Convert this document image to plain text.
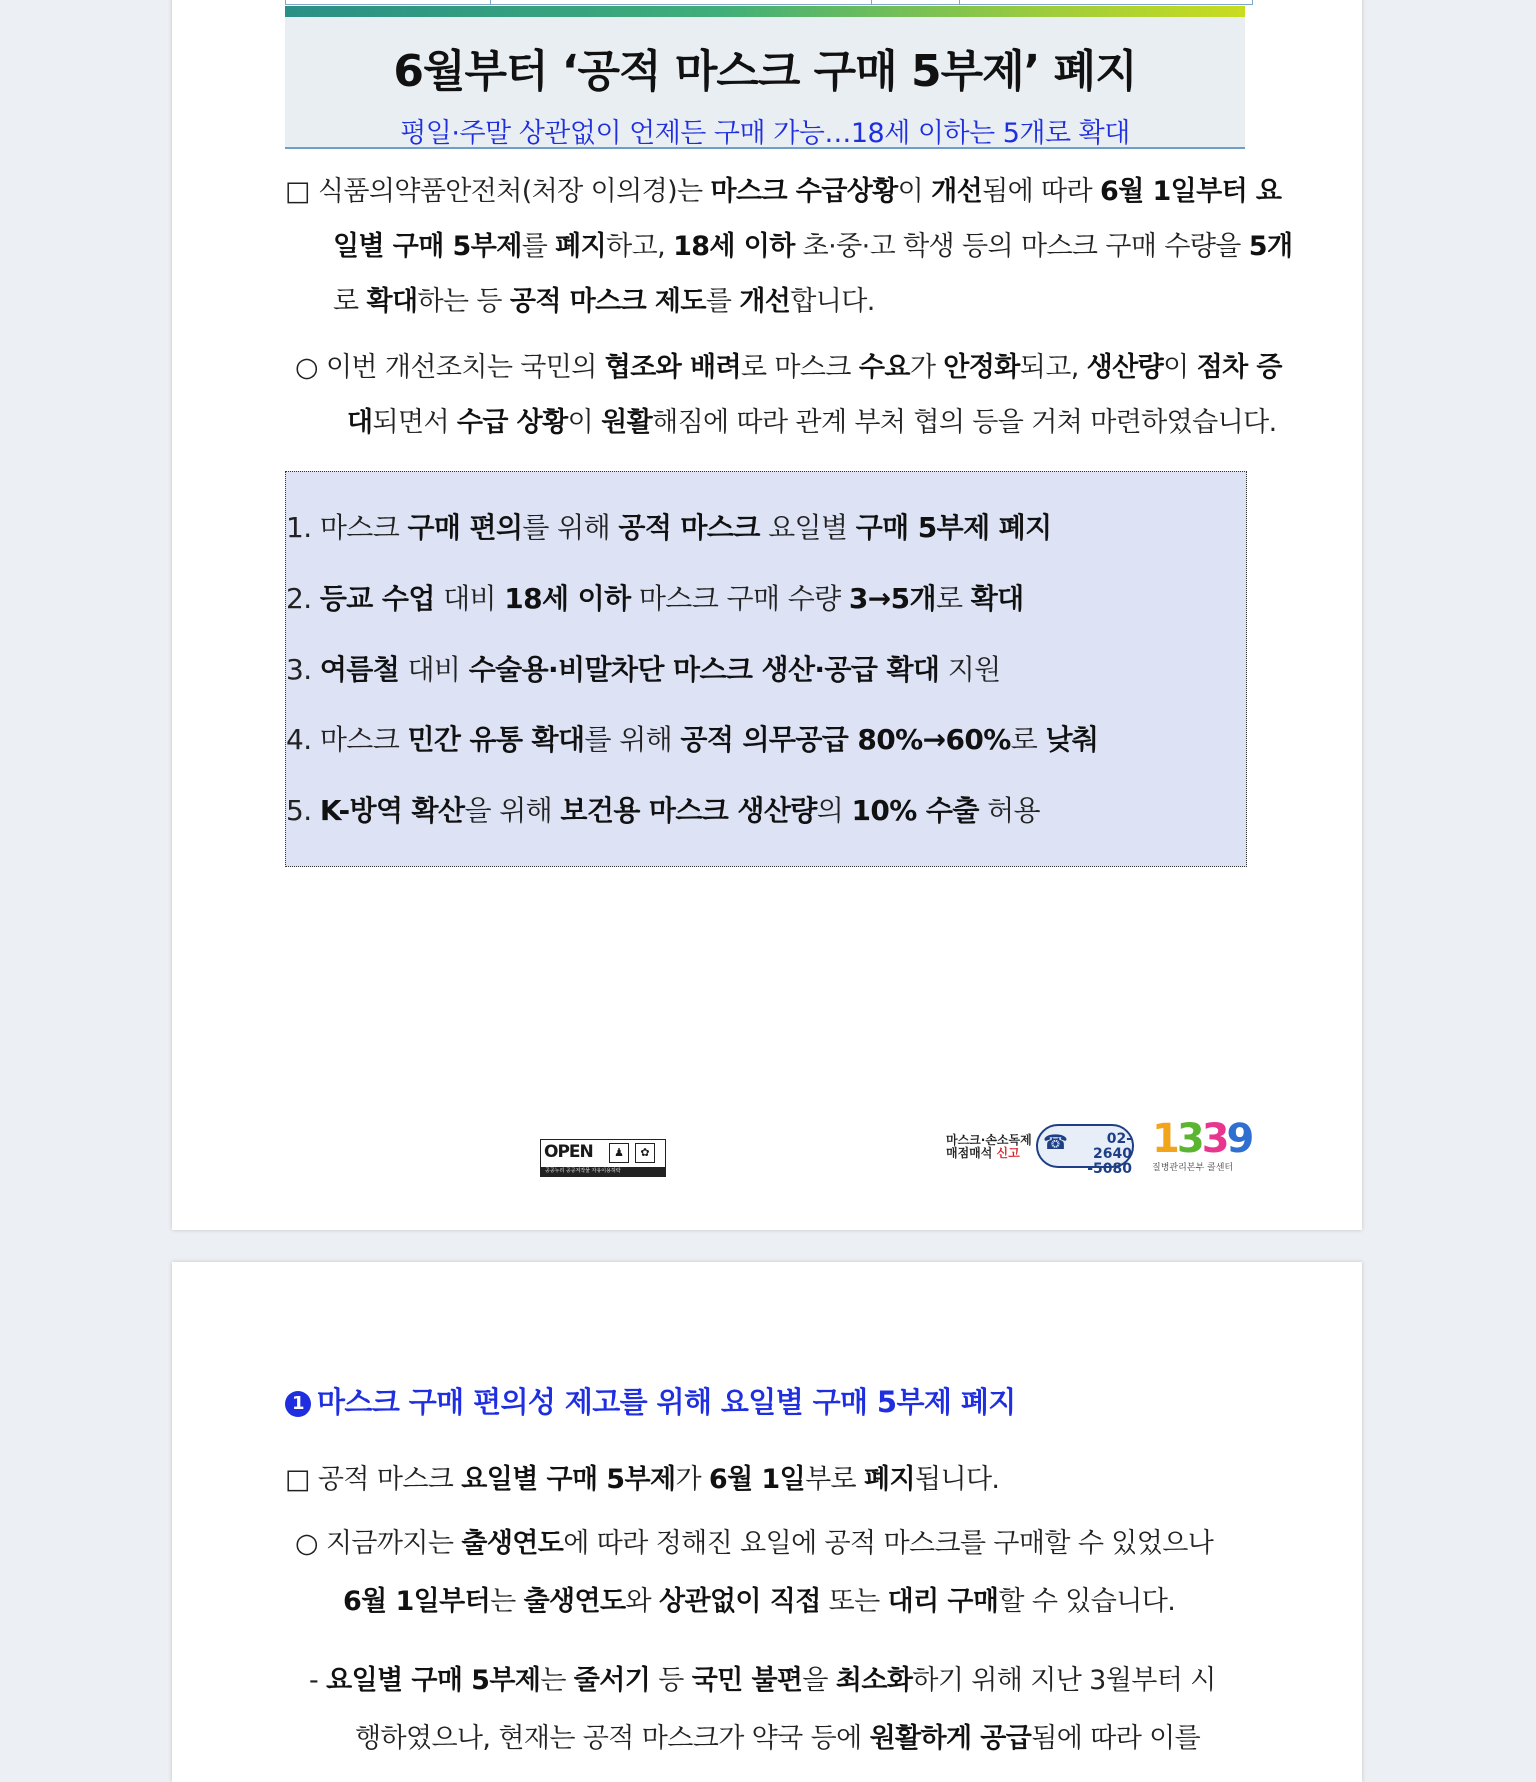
6월부터 ‘공적 마스크 구매 5부제’ 폐지
평일·주말 상관없이 언제든 구매 가능…18세 이하는 5개로 확대
□ 식품의약품안전처(처장 이의경)는 마스크 수급상황이 개선됨에 따라 6월 1일부터 요
일별 구매 5부제를 폐지하고, 18세 이하 초·중·고 학생 등의 마스크 구매 수량을 5개
로 확대하는 등 공적 마스크 제도를 개선합니다.
○ 이번 개선조치는 국민의 협조와 배려로 마스크 수요가 안정화되고, 생산량이 점차 증
대되면서 수급 상황이 원활해짐에 따라 관계 부처 협의 등을 거쳐 마련하였습니다.
1. 마스크 구매 편의를 위해 공적 마스크 요일별 구매 5부제 폐지
2. 등교 수업 대비 18세 이하 마스크 구매 수량 3→5개로 확대
3. 여름철 대비 수술용·비말차단 마스크 생산·공급 확대 지원
4. 마스크 민간 유통 확대를 위해 공적 의무공급 80%→60%로 낮춰
5. K-방역 확산을 위해 보건용 마스크 생산량의 10% 수출 허용
OPEN	♟	✿
공공누리 공공저작물 자유이용허락
마스크·손소독제
매점매석 신고	☎	02-2640
-5080
1339
질병관리본부 콜센터
1 마스크 구매 편의성 제고를 위해 요일별 구매 5부제 폐지
□ 공적 마스크 요일별 구매 5부제가 6월 1일부로 폐지됩니다.
○ 지금까지는 출생연도에 따라 정해진 요일에 공적 마스크를 구매할 수 있었으나
6월 1일부터는 출생연도와 상관없이 직접 또는 대리 구매할 수 있습니다.
- 요일별 구매 5부제는 줄서기 등 국민 불편을 최소화하기 위해 지난 3월부터 시
행하였으나, 현재는 공적 마스크가 약국 등에 원활하게 공급됨에 따라 이를
